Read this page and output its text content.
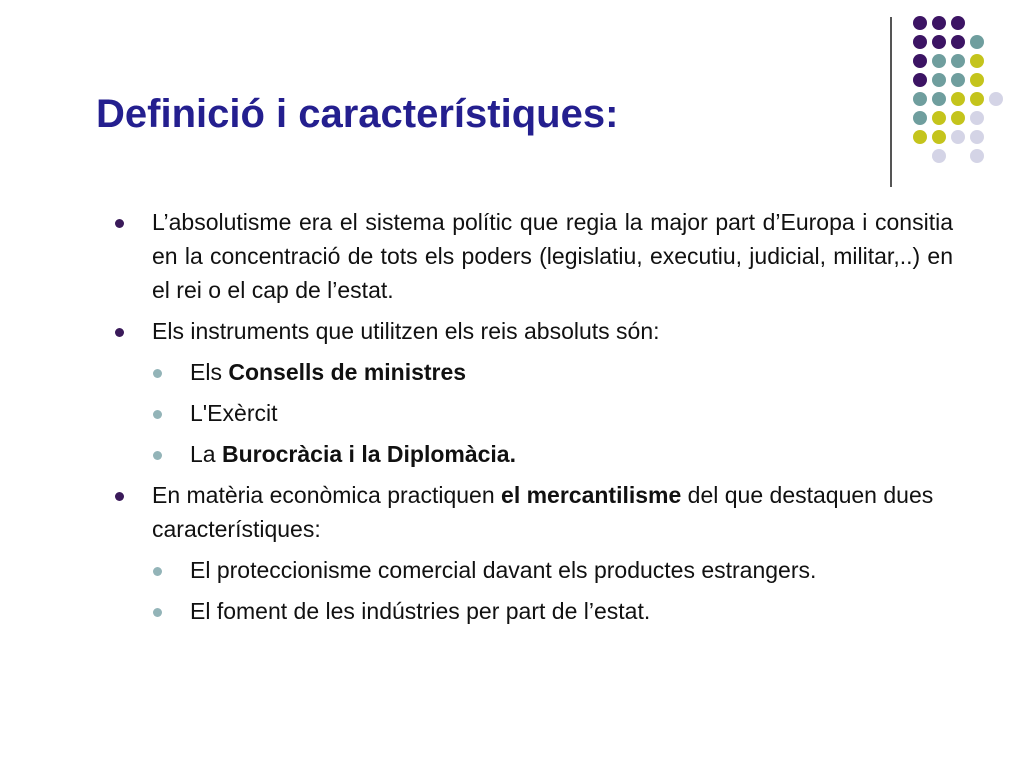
Definició i característiques:
L’absolutisme era el sistema polític que regia la major part d’Europa i consitia en la concentració de tots els poders (legislatiu, executiu, judicial, militar,..) en el rei o el cap de l’estat.
Els instruments que utilitzen els reis absoluts són:
Els Consells de ministres
L'Exèrcit
La Burocràcia i la Diplomàcia.
En matèria econòmica practiquen el mercantilisme del que destaquen dues característiques:
El proteccionisme comercial davant els productes estrangers.
El foment de les indústries per part de l’estat.
